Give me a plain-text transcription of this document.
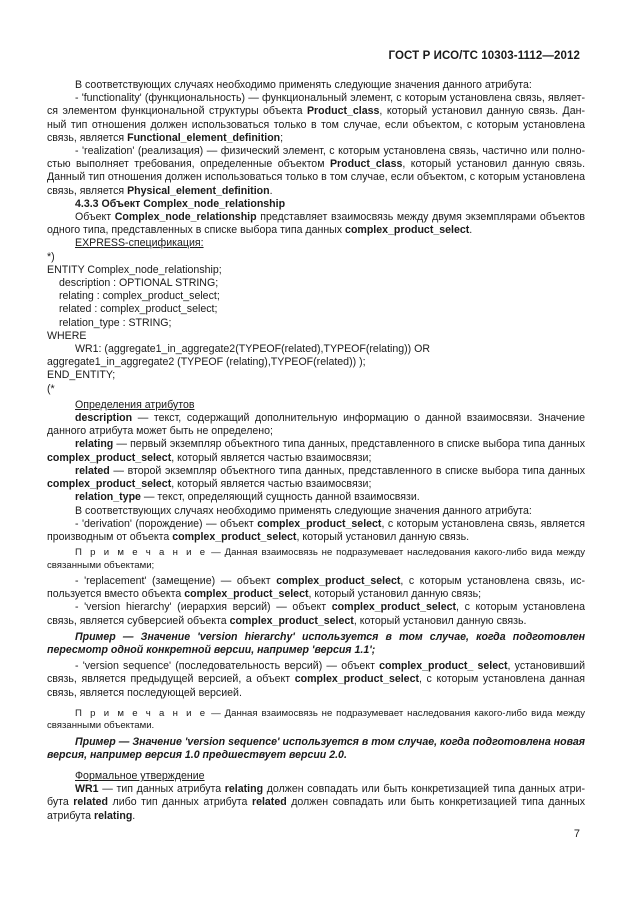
ГОСТ Р ИСО/ТС 10303-1112—2012

В соответствующих случаях необходимо применять следующие значения данного атрибута:

- 'functionality' (функциональность) — функциональный элемент, с которым установлена связь, является элементом функциональной структуры объекта Product_class, который установил данную связь. Данный тип отношения должен использоваться только в том случае, если объектом, с которым установлена связь, является Functional_element_definition;

- 'realization' (реализация) — физический элемент, с которым установлена связь, частично или полностью выполняет требования, определенные объектом Product_class, который установил данную связь. Данный тип отношения должен использоваться только в том случае, если объектом, с которым установлена связь, является Physical_element_definition.

4.3.3 Объект Complex_node_relationship

Объект Complex_node_relationship представляет взаимосвязь между двумя экземплярами объектов одного типа, представленных в списке выбора типа данных complex_product_select.

EXPRESS-спецификация:

*)

ENTITY Complex_node_relationship;

description : OPTIONAL STRING;

relating : complex_product_select;

related : complex_product_select;

relation_type : STRING;

WHERE

WR1: (aggregate1_in_aggregate2(TYPEOF(related),TYPEOF(relating)) OR

aggregate1_in_aggregate2 (TYPEOF (relating),TYPEOF(related)) );

END_ENTITY;

(*

Определения атрибутов

description — текст, содержащий дополнительную информацию о данной взаимосвязи. Значение данного атрибута может быть не определено;

relating — первый экземпляр объектного типа данных, представленного в списке выбора типа данных complex_product_select, который является частью взаимосвязи;

related — второй экземпляр объектного типа данных, представленного в списке выбора типа данных complex_product_select, который является частью взаимосвязи;

relation_type — текст, определяющий сущность данной взаимосвязи.

В соответствующих случаях необходимо применять следующие значения данного атрибута:

- 'derivation' (порождение) — объект complex_product_select, с которым установлена связь, является производным от объекта complex_product_select, который установил данную связь.

П р и м е ч а н и е — Данная взаимосвязь не подразумевает наследования какого-либо вида между связанными объектами;

- 'replacement' (замещение) — объект complex_product_select, с которым установлена связь, используется вместо объекта complex_product_select, который установил данную связь;

- 'version hierarchy' (иерархия версий) — объект complex_product_select, с которым установлена связь, является субверсией объекта complex_product_select, который установил данную связь.

Пример — Значение 'version hierarchy' используется в том случае, когда подготовлен пересмотр одной конкретной версии, например 'версия 1.1';

- 'version sequence' (последовательность версий) — объект complex_product_ select, установивший связь, является предыдущей версией, а объект complex_product_select, с которым установлена данная связь, является последующей версией.

П р и м е ч а н и е — Данная взаимосвязь не подразумевает наследования какого-либо вида между связанными объектами.

Пример — Значение 'version sequence' используется в том случае, когда подготовлена новая версия, например версия 1.0 предшествует версии 2.0.

Формальное утверждение

WR1 — тип данных атрибута relating должен совпадать или быть конкретизацией типа данных атрибута related либо тип данных атрибута related должен совпадать или быть конкретизацией типа данных атрибута relating.

7
